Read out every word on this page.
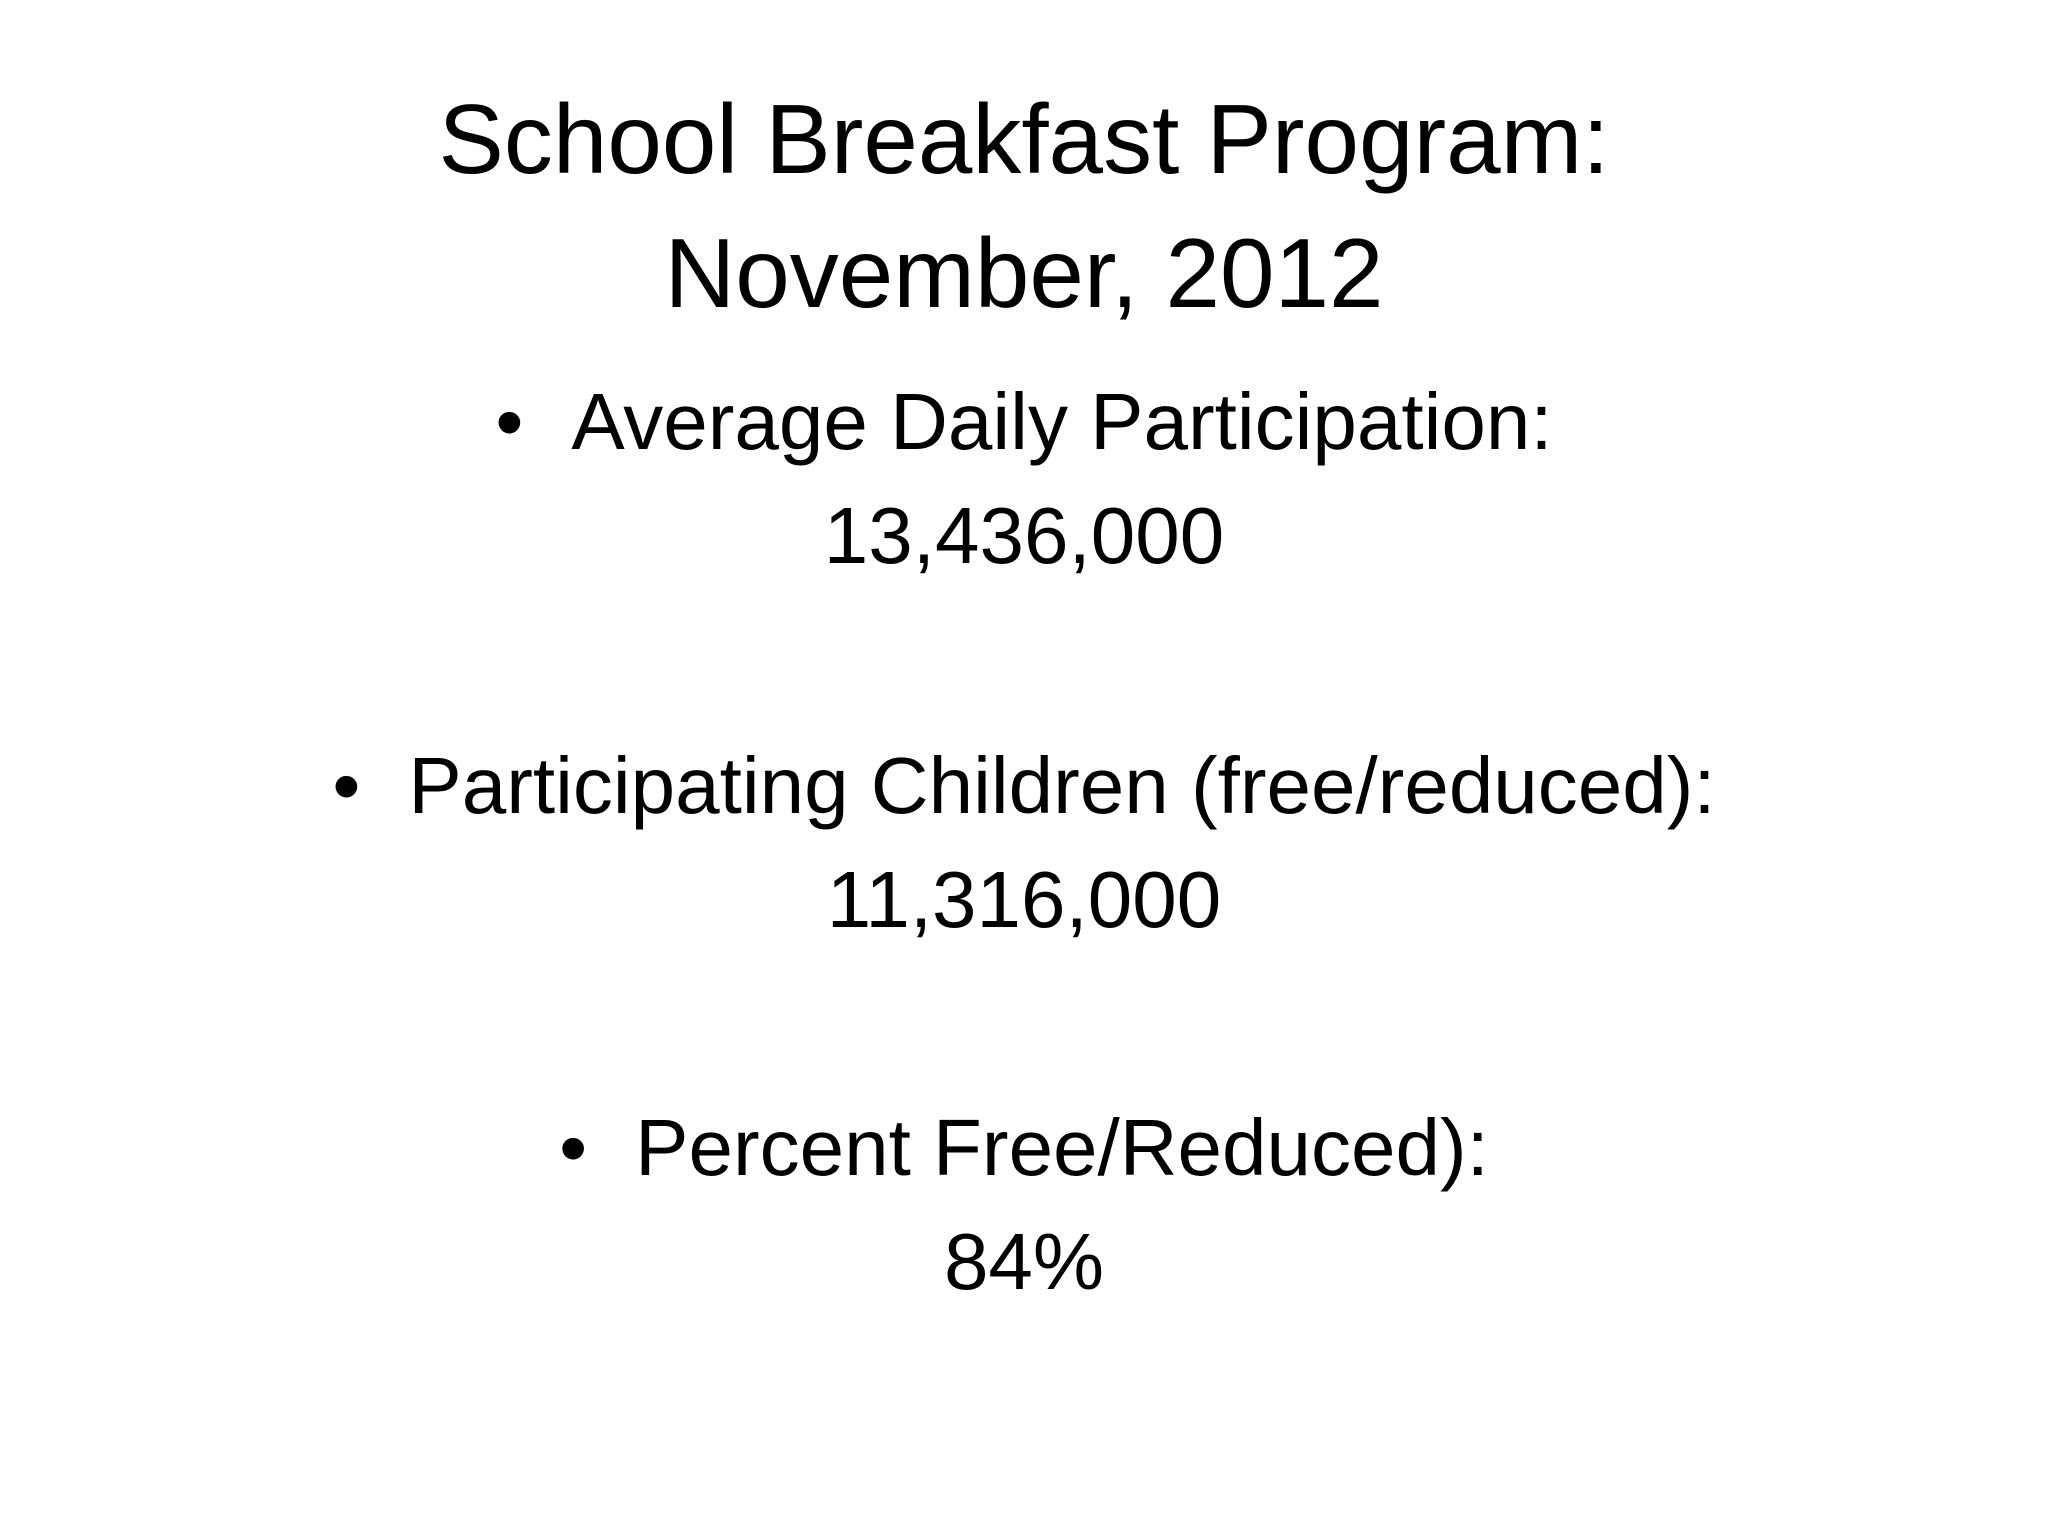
School Breakfast Program:
November, 2012
• Average Daily Participation:
13,436,000
• Participating Children (free/reduced):
11,316,000
• Percent Free/Reduced):
84%
